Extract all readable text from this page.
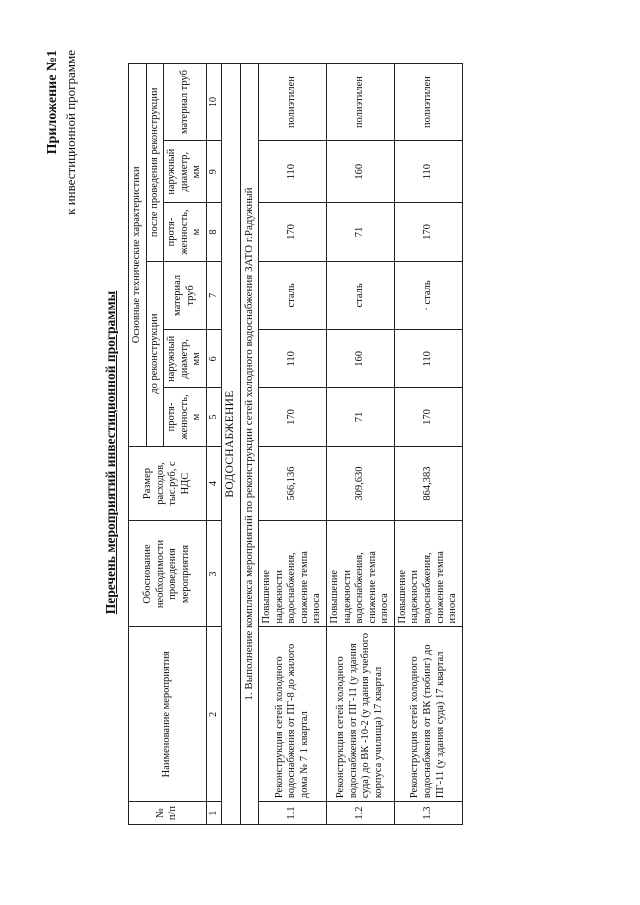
Приложение №1 к инвестиционной программе
Перечень мероприятий инвестиционной программы
№ п/п	Наименование мероприятия	Обоснование необходимости проведения мероприятия	Размер расходов, тыс.руб, с НДС	Основные технические характеристики					
				до реконструкции			после проведения реконструкции		
				протя-женность, м	наружный диаметр, мм	материал труб	протя-женность, м	наружный диаметр, мм	материал труб
1	2	3	4	5	6	7	8	9	10
ВОДОСНАБЖЕНИЕ									
1. Выполнение комплекса мероприятий по реконструкции сетей холодного водоснабжения ЗАТО г.Радужный									
1.1	Реконструкция сетей холодного водоснабжения от ПГ-8 до жилого дома № 7 1 квартал	Повышение надежности водоснабжения, снижение темпа износа	566,136	170	110	сталь	170	110	полиэтилен
1.2	Реконструкция сетей холодного водоснабжения от ПГ-11 (у здания суда) до ВК -10-2 (у здания учебного корпуса училища) 17 квартал	Повышение надежности водоснабжения, снижение темпа износа	309,630	71	160	сталь	71	160	полиэтилен
1.3	Реконструкция сетей холодного водоснабжения от ВК (тюбинг) до ПГ-11 (у здания суда) 17 квартал	Повышение надежности водоснабжения, снижение темпа износа	864,383	170	110	· сталь	170	110	полиэтилен
